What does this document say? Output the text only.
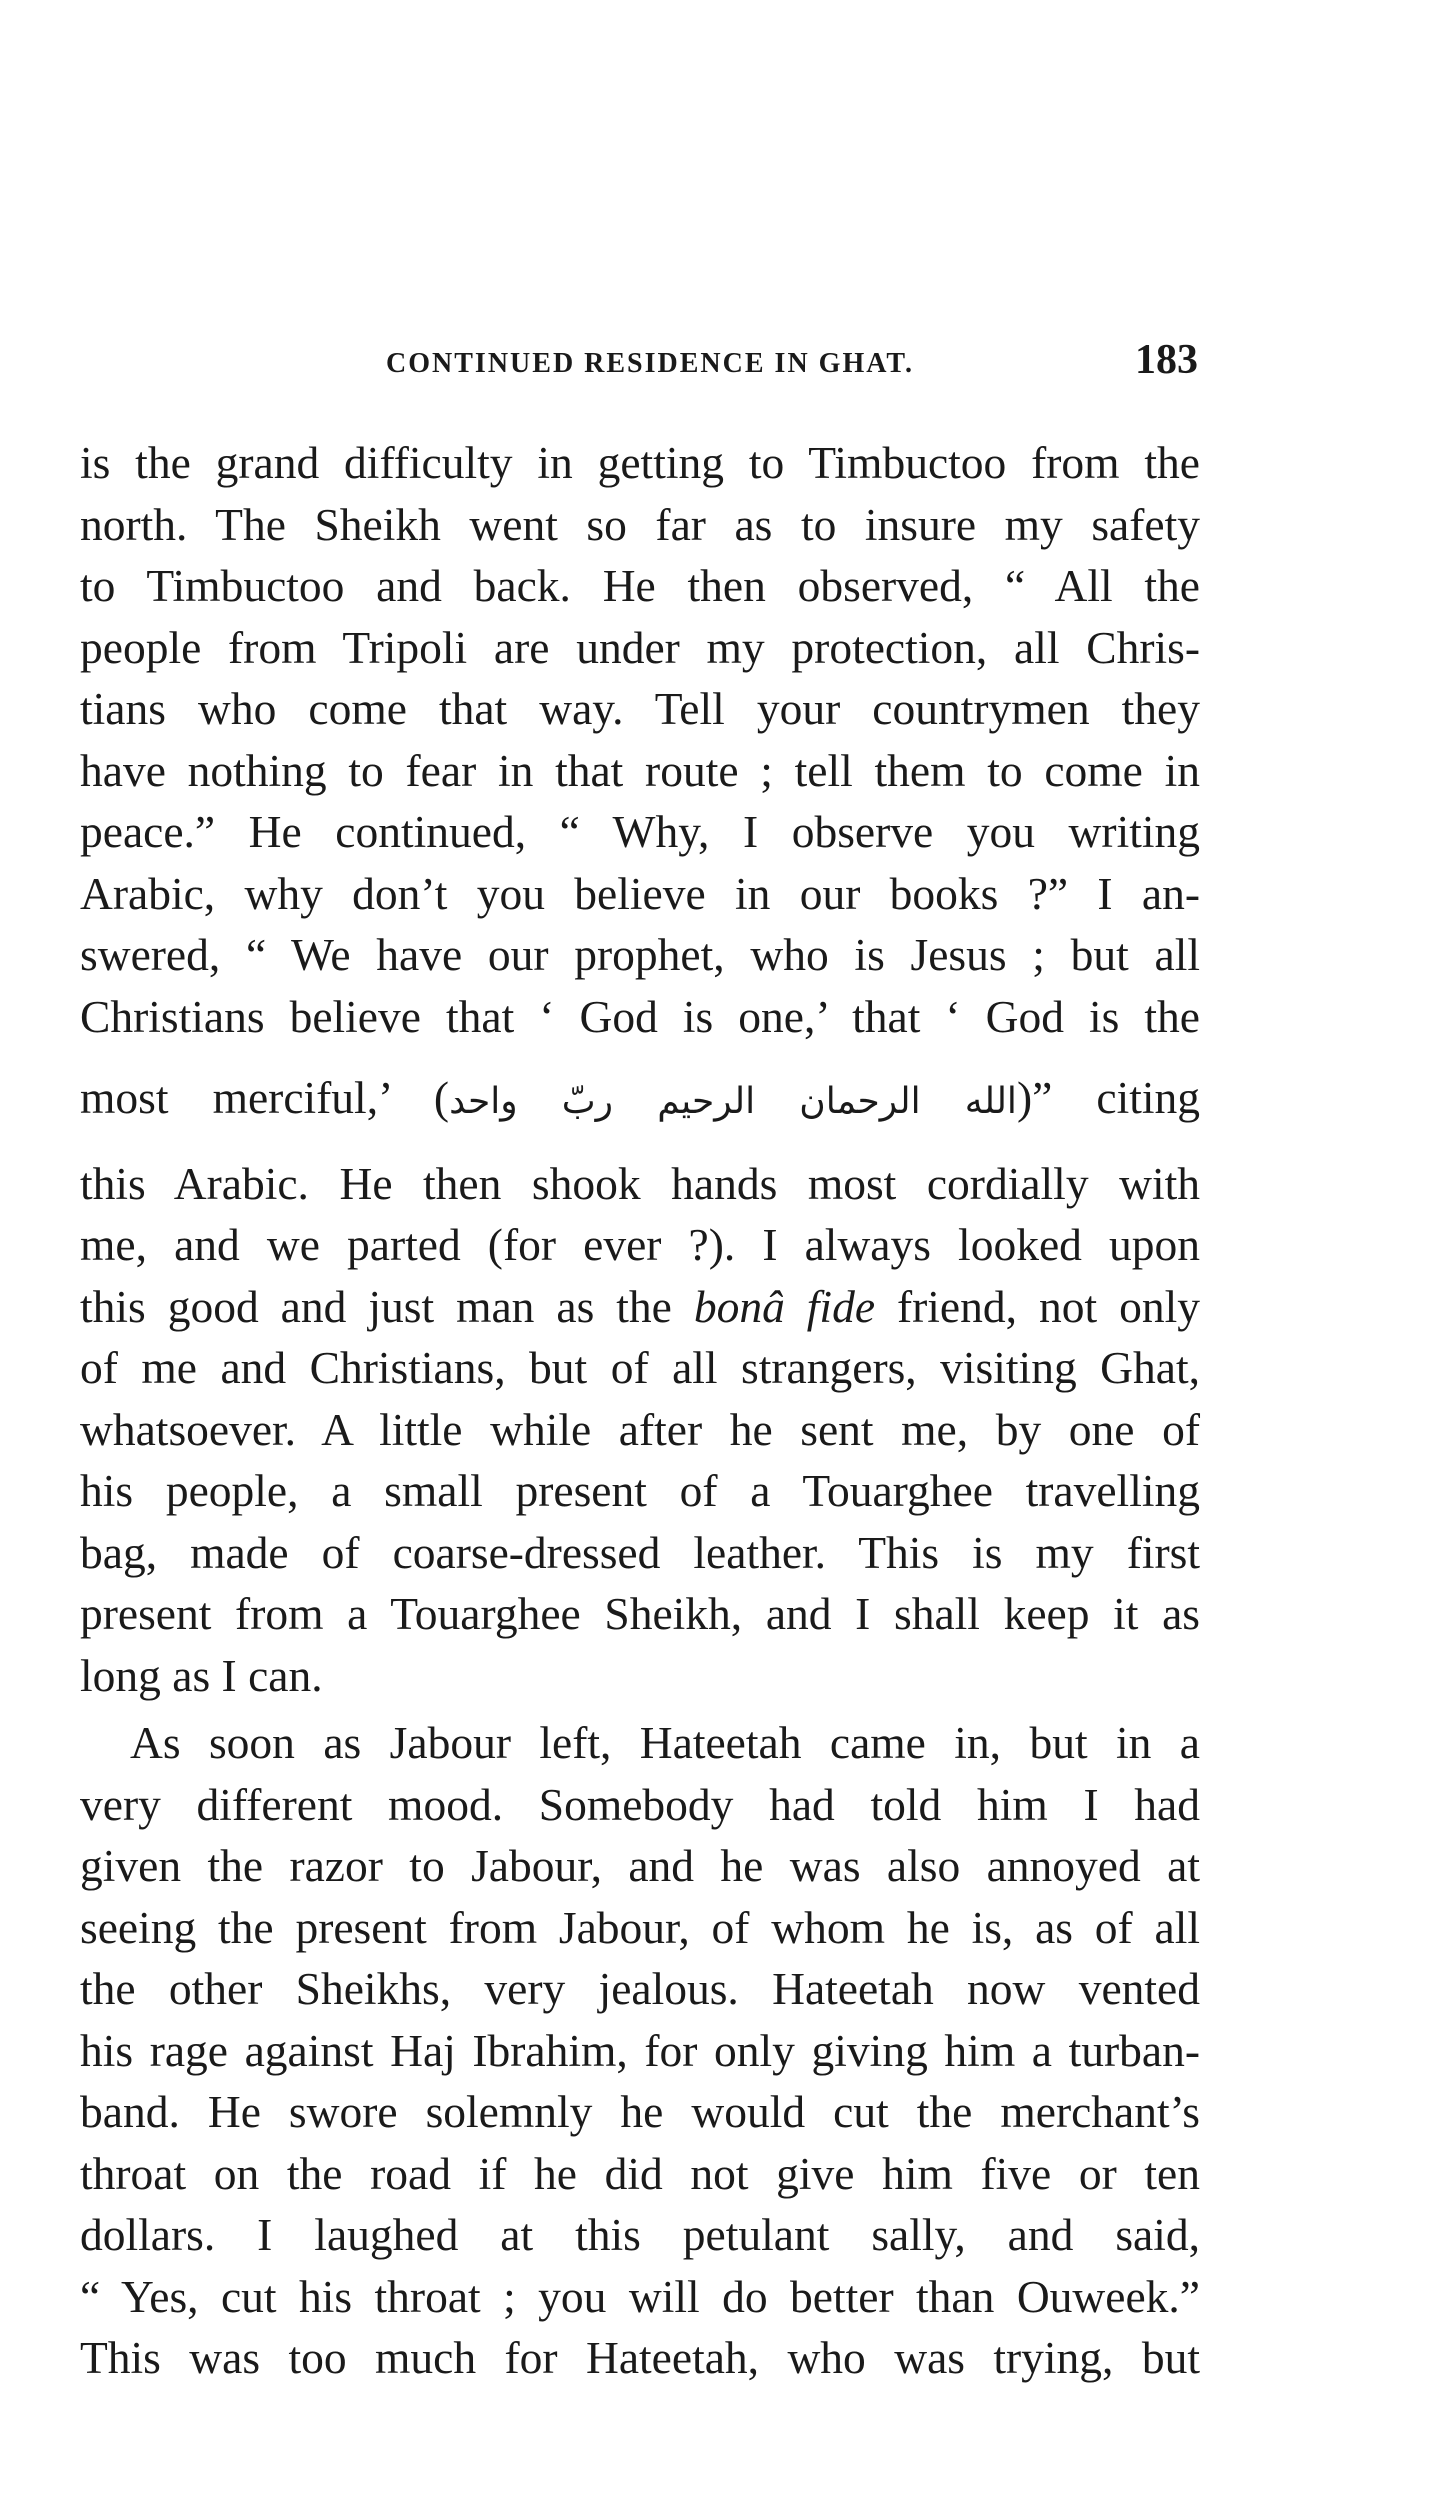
CONTINUED RESIDENCE IN GHAT.	183

is the grand difficulty in getting to Timbuctoo from the
north. The Sheikh went so far as to insure my safety
to Timbuctoo and back. He then observed, “ All the
people from Tripoli are under my protection, all Chris-
tians who come that way. Tell your countrymen they
have nothing to fear in that route ; tell them to come in
peace.” He continued, “ Why, I observe you writing
Arabic, why don’t you believe in our books ?” I an-
swered, “ We have our prophet, who is Jesus ; but all
Christians believe that ‘ God is one,’ that ‘ God is the
most merciful,’ (الله الرحمان الرحيم ربّ واحد)” citing
this Arabic. He then shook hands most cordially with
me, and we parted (for ever ?). I always looked upon
this good and just man as the bonâ fide friend, not only
of me and Christians, but of all strangers, visiting Ghat,
whatsoever. A little while after he sent me, by one of
his people, a small present of a Touarghee travelling
bag, made of coarse-dressed leather. This is my first
present from a Touarghee Sheikh, and I shall keep it as
long as I can.

As soon as Jabour left, Hateetah came in, but in a
very different mood. Somebody had told him I had
given the razor to Jabour, and he was also annoyed at
seeing the present from Jabour, of whom he is, as of all
the other Sheikhs, very jealous. Hateetah now vented
his rage against Haj Ibrahim, for only giving him a turban-
band. He swore solemnly he would cut the merchant’s
throat on the road if he did not give him five or ten
dollars. I laughed at this petulant sally, and said,
“ Yes, cut his throat ; you will do better than Ouweek.”
This was too much for Hateetah, who was trying, but
